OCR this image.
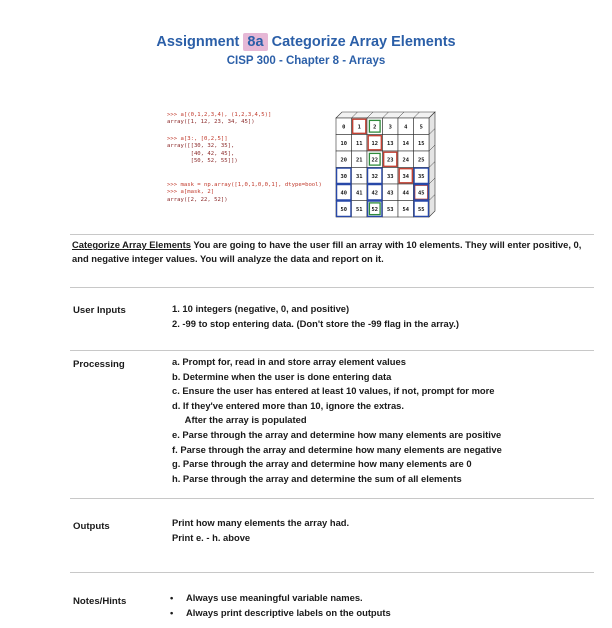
Assignment 8a Categorize Array Elements
CISP 300 - Chapter 8 - Arrays
>>> a[(0,1,2,3,4), (1,2,3,4,5)]
array([1, 12, 23, 34, 45])
>>> a[3:, [0,2,5]]
array([[30, 32, 35],
[40, 42, 45],
[50, 52, 55]])
>>> mask = np.array([1,0,1,0,0,1], dtype=bool)
>>> a[mask, 2]
array([2, 22, 52])
0 1 2 3 4 5
10 11 12 13 14 15
20 21 22 23 24 25
30 31 32 33 34 35
40 41 42 43 44 45
50 51 52 53 54 55
Categorize Array Elements You are going to have the user fill an array with 10 elements. They will enter positive, 0, and negative integer values. You will analyze the data and report on it.
User Inputs	1. 10 integers (negative, 0, and positive)
2. -99 to stop entering data. (Don't store the -99 flag in the array.)
Processing	a. Prompt for, read in and store array element values
b. Determine when the user is done entering data
c. Ensure the user has entered at least 10 values, if not, prompt for more
d. If they've entered more than 10, ignore the extras.
After the array is populated
e. Parse through the array and determine how many elements are positive
f. Parse through the array and determine how many elements are negative
g. Parse through the array and determine how many elements are 0
h. Parse through the array and determine the sum of all elements
Outputs	Print how many elements the array had.
Print e. - h. above
Notes/Hints	• Always use meaningful variable names.
• Always print descriptive labels on the outputs
